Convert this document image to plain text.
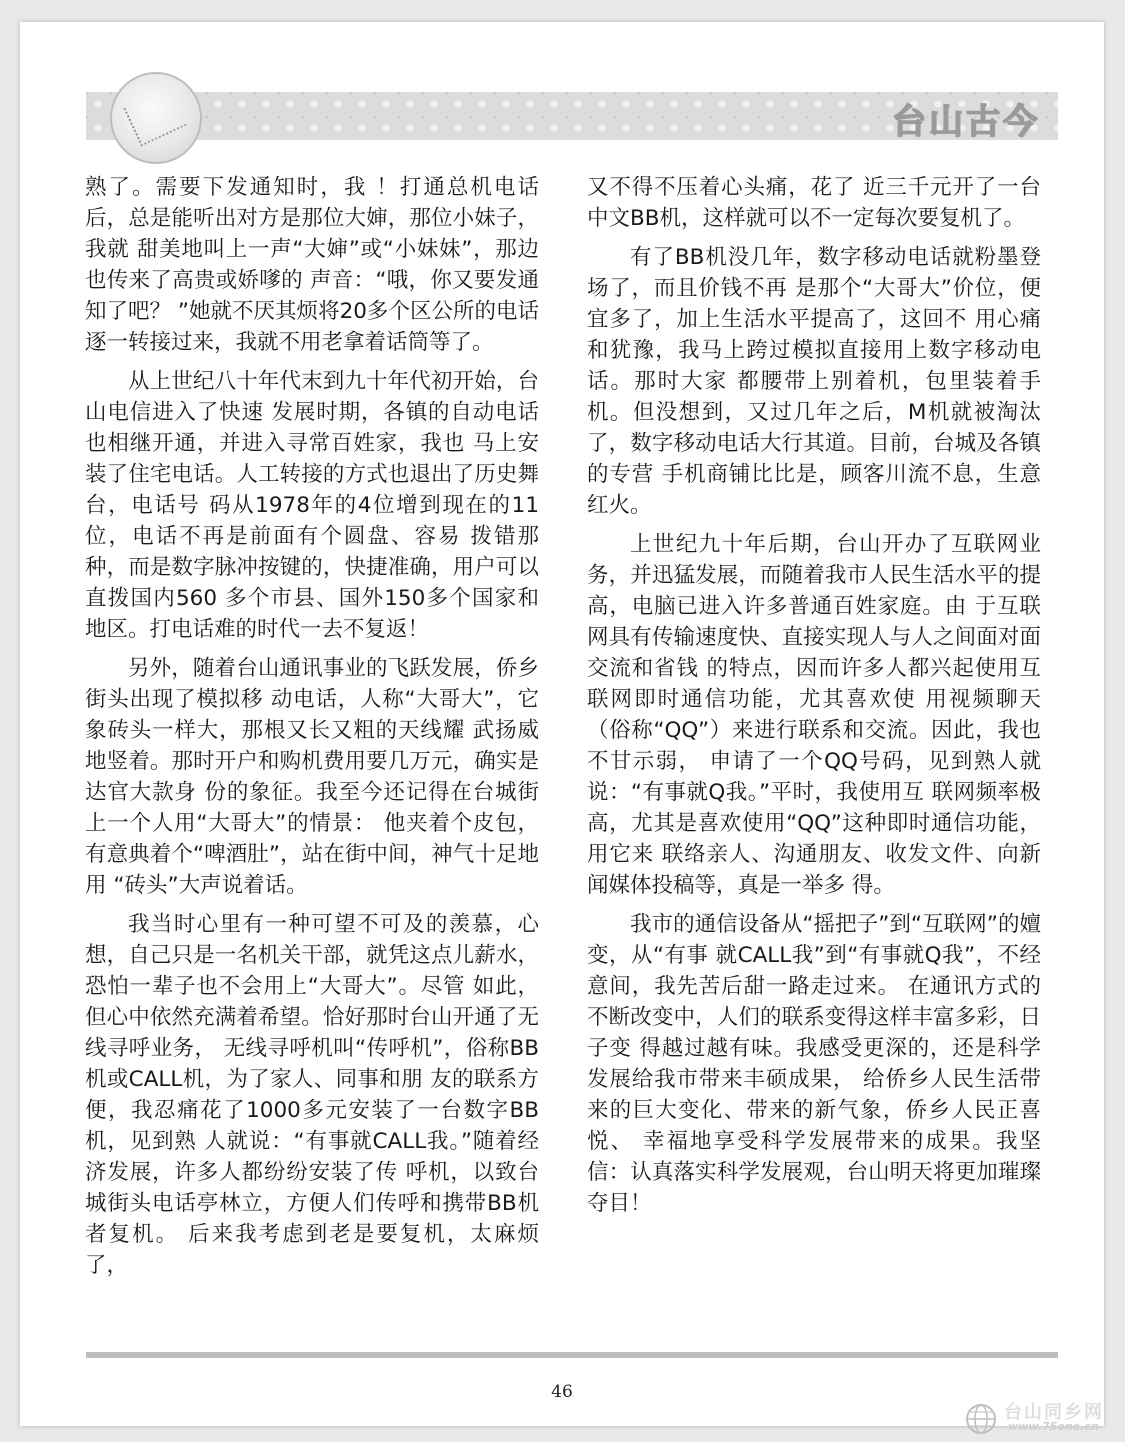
台山古今

熟了。需要下发通知时，我 ！打通总机电话后，总是能听出对方是那位大婶，那位小妹子，我就 甜美地叫上一声“大婶”或“小妹妹”，那边也传来了高贵或娇嗲的 声音：“哦，你又要发通知了吧？ ”她就不厌其烦将20多个区公所的电话逐一转接过来，我就不用老拿着话筒等了。

从上世纪八十年代末到九十年代初开始，台山电信进入了快速 发展时期，各镇的自动电话也相继开通，并进入寻常百姓家，我也 马上安装了住宅电话。人工转接的方式也退出了历史舞台，电话号 码从1978年的4位增到现在的11位，电话不再是前面有个圆盘、容易 拨错那种，而是数字脉冲按键的，快捷准确，用户可以直拨国内560 多个市县、国外150多个国家和地区。打电话难的时代一去不复返！

另外，随着台山通讯事业的飞跃发展，侨乡街头出现了模拟移 动电话，人称“大哥大”，它象砖头一样大，那根又长又粗的天线耀 武扬威地竖着。那时开户和购机费用要几万元，确实是达官大款身 份的象征。我至今还记得在台城街上一个人用“大哥大”的情景： 他夹着个皮包，有意典着个“啤酒肚”，站在街中间，神气十足地用 “砖头”大声说着话。

我当时心里有一种可望不可及的羡慕，心想，自己只是一名机关干部，就凭这点儿薪水，恐怕一辈子也不会用上“大哥大”。尽管 如此，但心中依然充满着希望。恰好那时台山开通了无线寻呼业务， 无线寻呼机叫“传呼机”，俗称BB机或CALL机，为了家人、同事和朋 友的联系方便，我忍痛花了1000多元安装了一台数字BB机，见到熟 人就说：“有事就CALL我。”随着经济发展，许多人都纷纷安装了传 呼机，以致台城街头电话亭林立，方便人们传呼和携带BB机者复机。 后来我考虑到老是要复机，太麻烦了，

又不得不压着心头痛，花了 近三千元开了一台中文BB机，这样就可以不一定每次要复机了。

有了BB机没几年，数字移动电话就粉墨登场了，而且价钱不再 是那个“大哥大”价位，便宜多了，加上生活水平提高了，这回不 用心痛和犹豫，我马上跨过模拟直接用上数字移动电话。那时大家 都腰带上别着机，包里装着手机。但没想到，又过几年之后，M机就被淘汰了，数字移动电话大行其道。目前，台城及各镇的专营 手机商铺比比是，顾客川流不息，生意红火。

上世纪九十年后期，台山开办了互联网业务，并迅猛发展，而随着我市人民生活水平的提高，电脑已进入许多普通百姓家庭。由 于互联网具有传输速度快、直接实现人与人之间面对面交流和省钱 的特点，因而许多人都兴起使用互联网即时通信功能，尤其喜欢使 用视频聊天（俗称“QQ”）来进行联系和交流。因此，我也不甘示弱， 申请了一个QQ号码，见到熟人就说：“有事就Q我。”平时，我使用互 联网频率极高，尤其是喜欢使用“QQ”这种即时通信功能，用它来 联络亲人、沟通朋友、收发文件、向新闻媒体投稿等，真是一举多 得。

我市的通信设备从“摇把子”到“互联网”的嬗变，从“有事 就CALL我”到“有事就Q我”，不经意间，我先苦后甜一路走过来。 在通讯方式的不断改变中，人们的联系变得这样丰富多彩，日子变 得越过越有味。我感受更深的，还是科学发展给我市带来丰硕成果， 给侨乡人民生活带来的巨大变化、带来的新气象，侨乡人民正喜悦、 幸福地享受科学发展带来的成果。我坚信：认真落实科学发展观，台山明天将更加璀璨夺目！

46
台山同乡网
www.75one.cn
